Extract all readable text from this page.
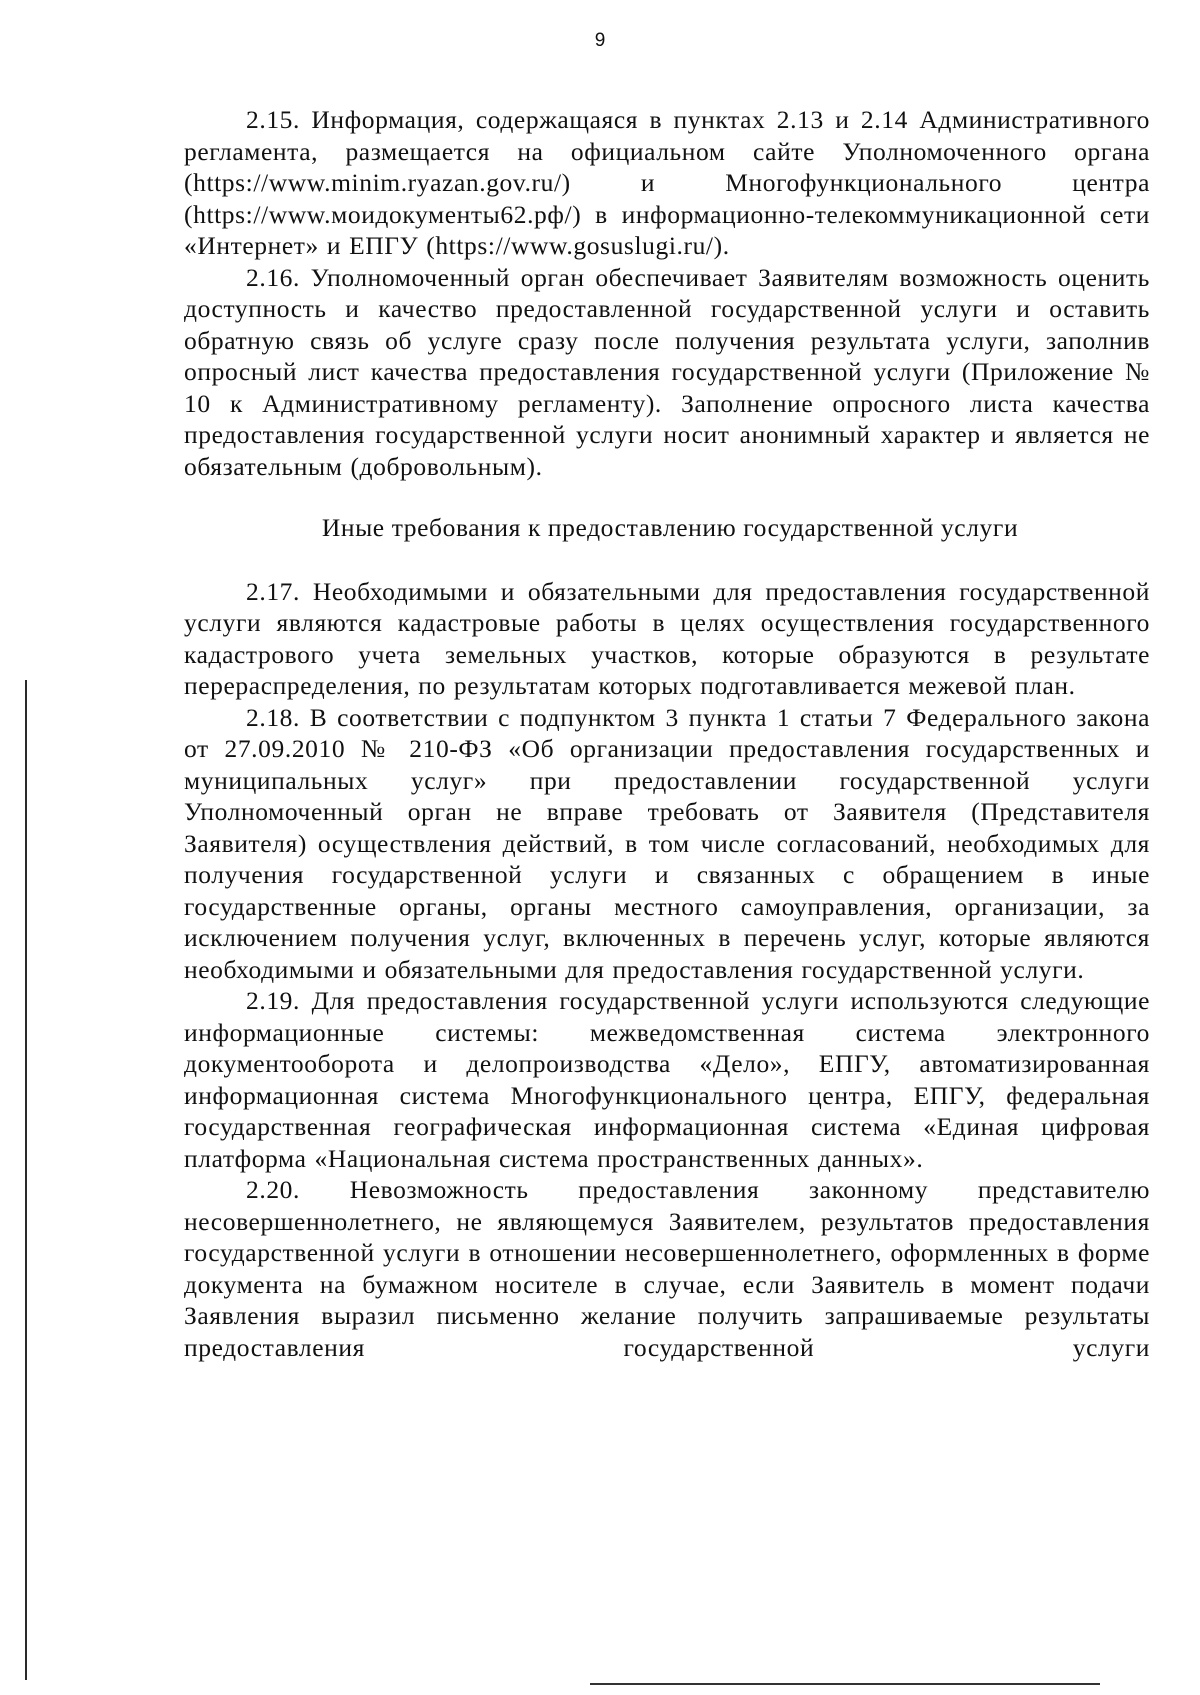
9

2.15. Информация, содержащаяся в пунктах 2.13 и 2.14 Административного регламента, размещается на официальном сайте Уполномоченного органа (https://www.minim.ryazan.gov.ru/) и Многофункционального центра (https://www.моидокументы62.рф/) в информационно-телекоммуникационной сети «Интернет» и ЕПГУ (https://www.gosuslugi.ru/).

2.16. Уполномоченный орган обеспечивает Заявителям возможность оценить доступность и качество предоставленной государственной услуги и оставить обратную связь об услуге сразу после получения результата услуги, заполнив опросный лист качества предоставления государственной услуги (Приложение № 10 к Административному регламенту). Заполнение опросного листа качества предоставления государственной услуги носит анонимный характер и является не обязательным (добровольным).

Иные требования к предоставлению государственной услуги

2.17. Необходимыми и обязательными для предоставления государственной услуги являются кадастровые работы в целях осуществления государственного кадастрового учета земельных участков, которые образуются в результате перераспределения, по результатам которых подготавливается межевой план.

2.18. В соответствии с подпунктом 3 пункта 1 статьи 7 Федерального закона от 27.09.2010 № 210-ФЗ «Об организации предоставления государственных и муниципальных услуг» при предоставлении государственной услуги Уполномоченный орган не вправе требовать от Заявителя (Представителя Заявителя) осуществления действий, в том числе согласований, необходимых для получения государственной услуги и связанных с обращением в иные государственные органы, органы местного самоуправления, организации, за исключением получения услуг, включенных в перечень услуг, которые являются необходимыми и обязательными для предоставления государственной услуги.

2.19. Для предоставления государственной услуги используются следующие информационные системы: межведомственная система электронного документооборота и делопроизводства «Дело», ЕПГУ, автоматизированная информационная система Многофункционального центра, ЕПГУ, федеральная государственная географическая информационная система «Единая цифровая платформа «Национальная система пространственных данных».

2.20. Невозможность предоставления законному представителю несовершеннолетнего, не являющемуся Заявителем, результатов предоставления государственной услуги в отношении несовершеннолетнего, оформленных в форме документа на бумажном носителе в случае, если Заявитель в момент подачи Заявления выразил письменно желание получить запрашиваемые результаты предоставления государственной услуги
